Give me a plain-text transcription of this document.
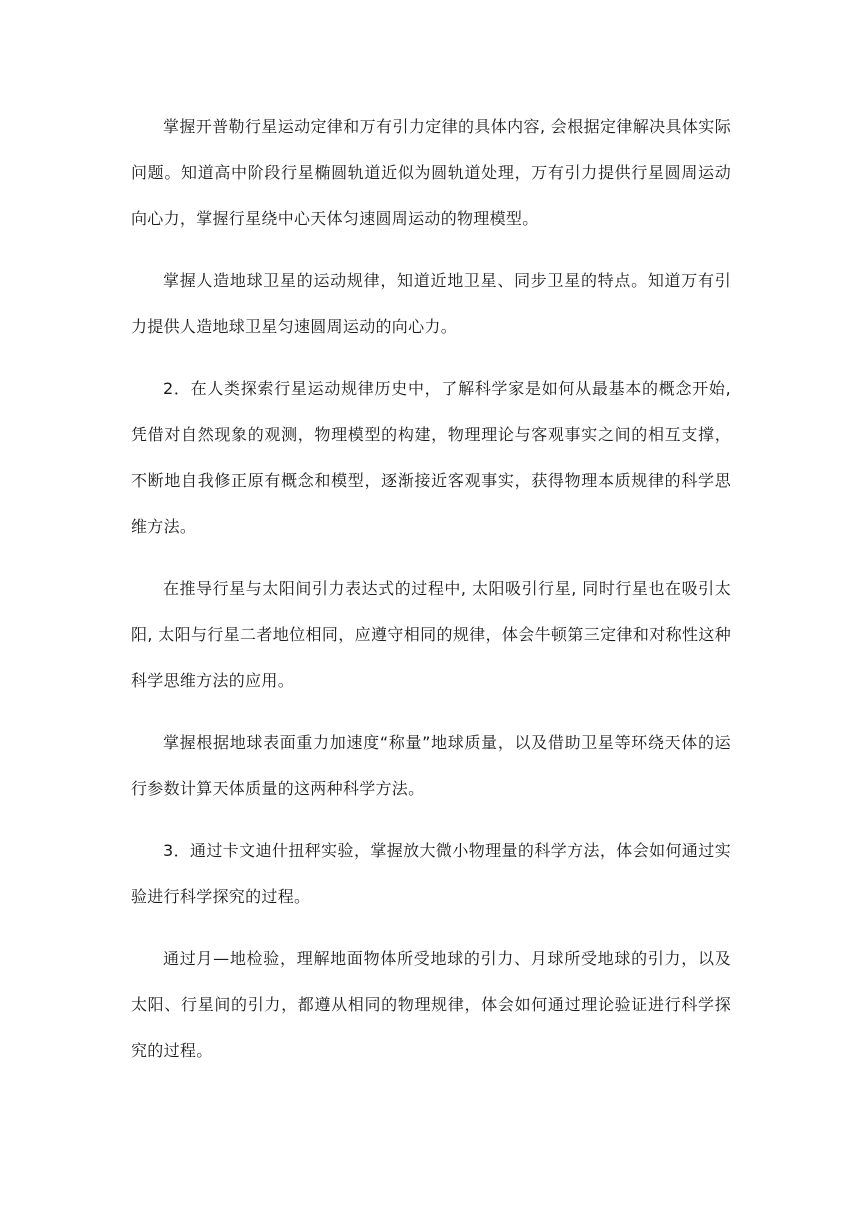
掌握开普勒行星运动定律和万有引力定律的具体内容, 会根据定律解决具体实际问题。知道高中阶段行星椭圆轨道近似为圆轨道处理，万有引力提供行星圆周运动向心力，掌握行星绕中心天体匀速圆周运动的物理模型。

掌握人造地球卫星的运动规律，知道近地卫星、同步卫星的特点。知道万有引力提供人造地球卫星匀速圆周运动的向心力。

2．在人类探索行星运动规律历史中，了解科学家是如何从最基本的概念开始, 凭借对自然现象的观测，物理模型的构建，物理理论与客观事实之间的相互支撑，不断地自我修正原有概念和模型，逐渐接近客观事实，获得物理本质规律的科学思维方法。

在推导行星与太阳间引力表达式的过程中, 太阳吸引行星, 同时行星也在吸引太阳, 太阳与行星二者地位相同，应遵守相同的规律，体会牛顿第三定律和对称性这种科学思维方法的应用。

掌握根据地球表面重力加速度“称量”地球质量，以及借助卫星等环绕天体的运行参数计算天体质量的这两种科学方法。

3．通过卡文迪什扭秤实验，掌握放大微小物理量的科学方法，体会如何通过实验进行科学探究的过程。

通过月—地检验，理解地面物体所受地球的引力、月球所受地球的引力，以及太阳、行星间的引力，都遵从相同的物理规律，体会如何通过理论验证进行科学探究的过程。
